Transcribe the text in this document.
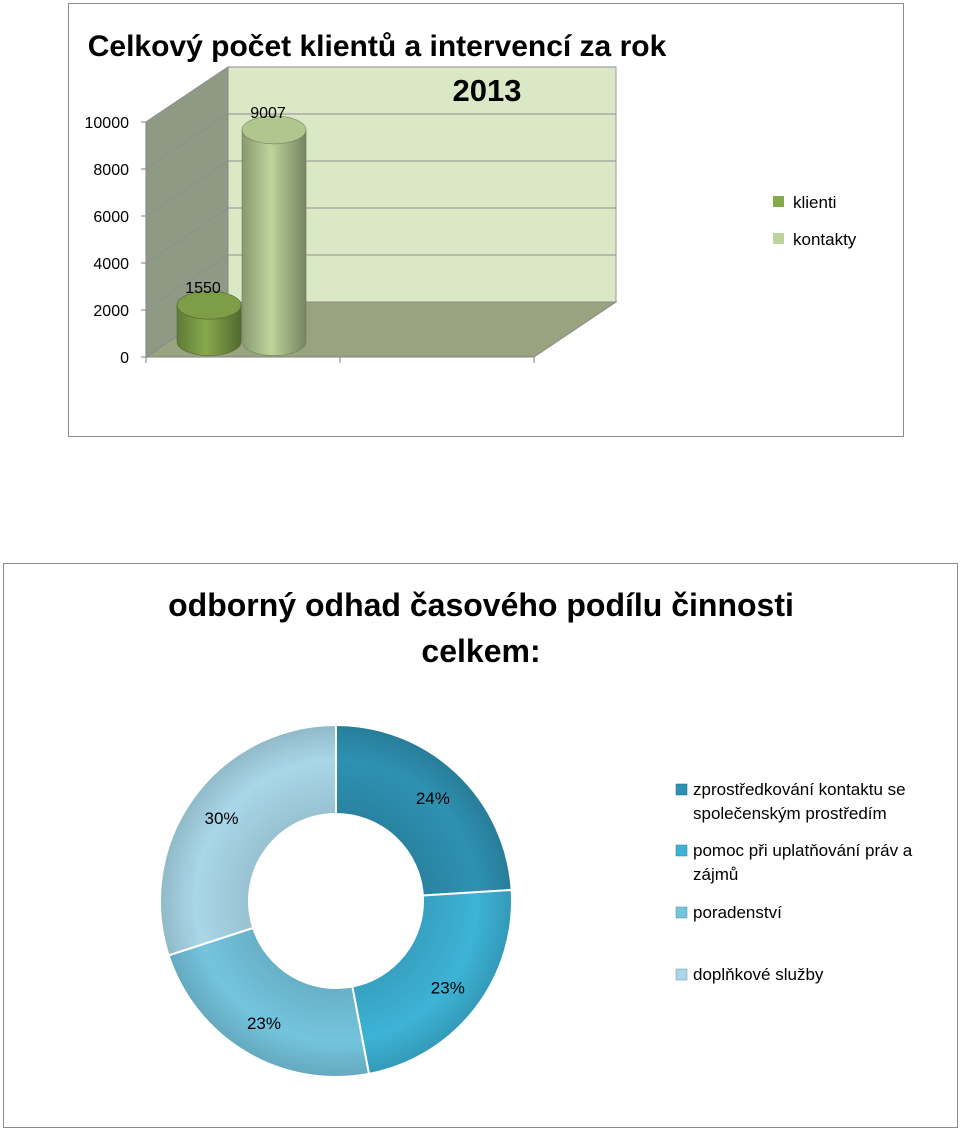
0
2000
4000
6000
8000
10000
1550
9007
Celkový počet klientů a intervencí za rok
2013
klienti
kontakty
24%
23%
23%
30%
odborný odhad časového podílu činnosti
celkem:
zprostředkování kontaktu se
společenským prostředím
pomoc při uplatňování práv a
zájmů
poradenství
doplňkové služby
